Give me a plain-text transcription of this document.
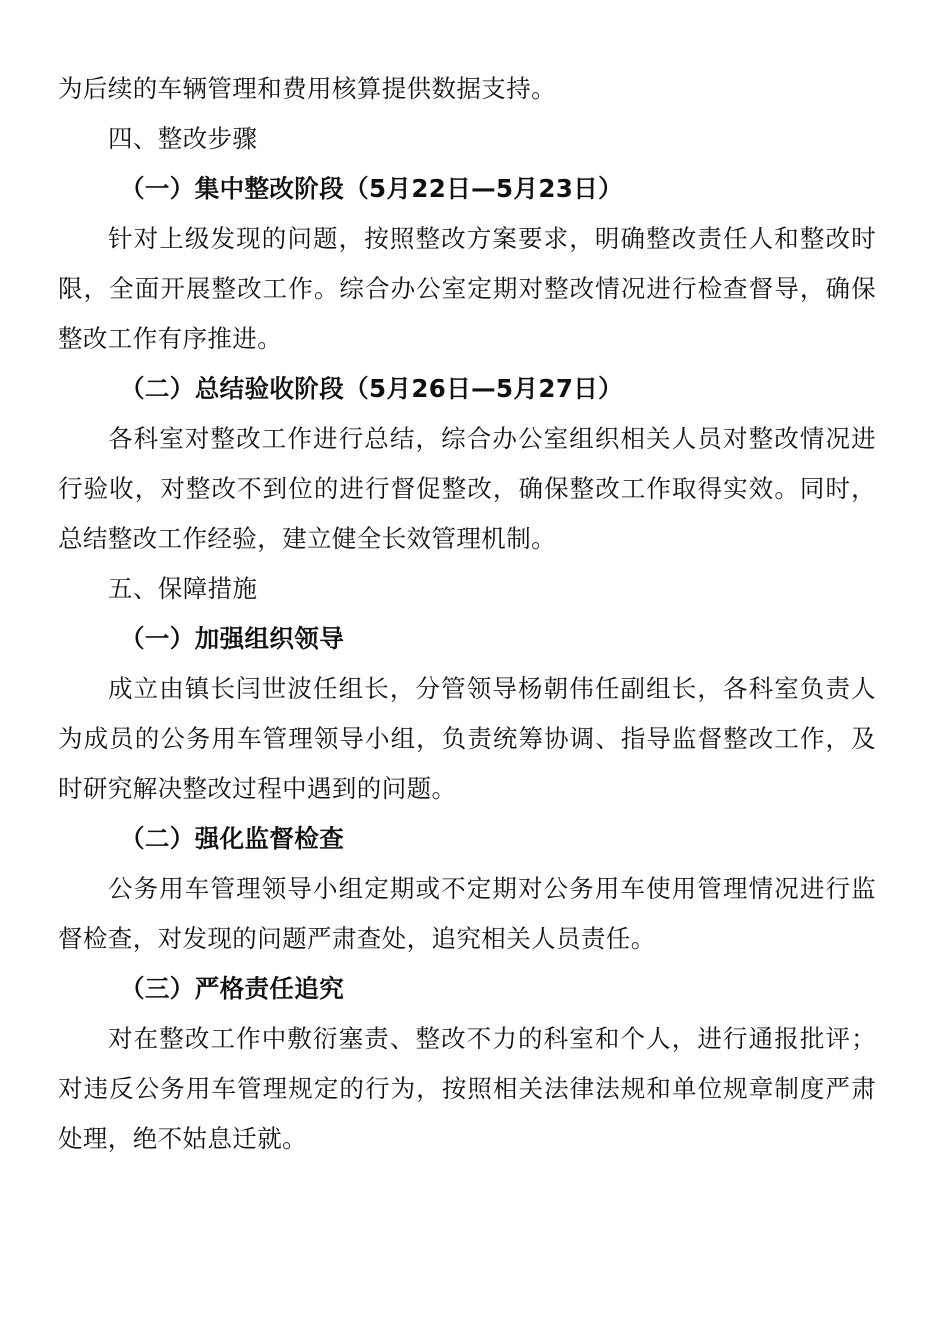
为后续的车辆管理和费用核算提供数据支持。
四、整改步骤
（一）集中整改阶段（5月22日—5月23日）
针对上级发现的问题，按照整改方案要求，明确整改责任人和整改时
限，全面开展整改工作。综合办公室定期对整改情况进行检查督导，确保
整改工作有序推进。
（二）总结验收阶段（5月26日—5月27日）
各科室对整改工作进行总结，综合办公室组织相关人员对整改情况进
行验收，对整改不到位的进行督促整改，确保整改工作取得实效。同时，
总结整改工作经验，建立健全长效管理机制。
五、保障措施
（一）加强组织领导
成立由镇长闫世波任组长，分管领导杨朝伟任副组长，各科室负责人
为成员的公务用车管理领导小组，负责统筹协调、指导监督整改工作，及
时研究解决整改过程中遇到的问题。
（二）强化监督检查
公务用车管理领导小组定期或不定期对公务用车使用管理情况进行监
督检查，对发现的问题严肃查处，追究相关人员责任。
（三）严格责任追究
对在整改工作中敷衍塞责、整改不力的科室和个人，进行通报批评；
对违反公务用车管理规定的行为，按照相关法律法规和单位规章制度严肃
处理，绝不姑息迁就。
